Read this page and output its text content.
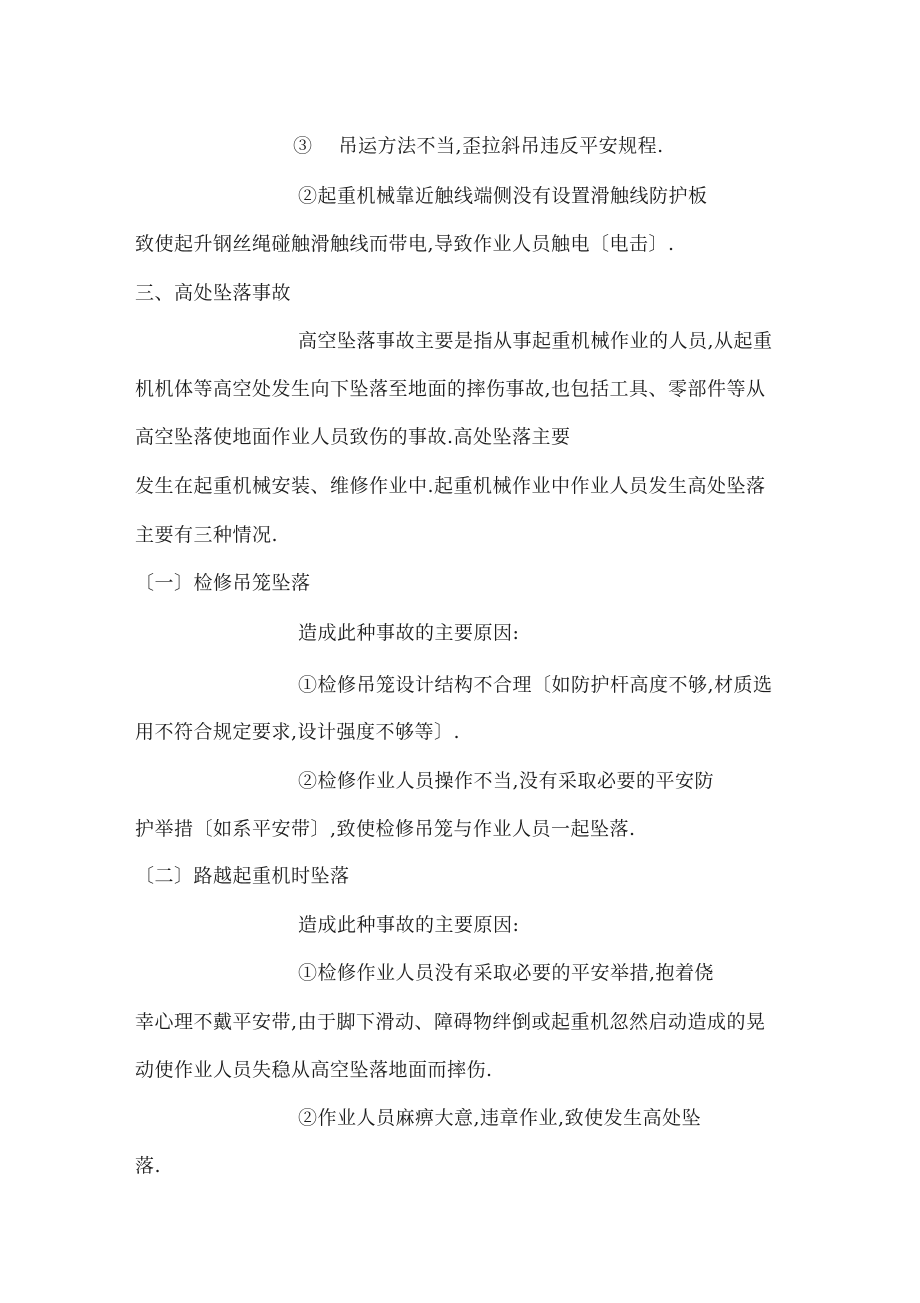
③　 吊运方法不当,歪拉斜吊违反平安规程.
②起重机械靠近触线端侧没有设置滑触线防护板
致使起升钢丝绳碰触滑触线而带电,导致作业人员触电〔电击〕.
三、高处坠落事故
高空坠落事故主要是指从事起重机械作业的人员,从起重
机机体等高空处发生向下坠落至地面的摔伤事故,也包括工具、零部件等从
高空坠落使地面作业人员致伤的事故.高处坠落主要
发生在起重机械安装、维修作业中.起重机械作业中作业人员发生高处坠落
主要有三种情况.
〔一〕检修吊笼坠落
造成此种事故的主要原因:
①检修吊笼设计结构不合理〔如防护杆高度不够,材质选
用不符合规定要求,设计强度不够等〕.
②检修作业人员操作不当,没有采取必要的平安防
护举措〔如系平安带〕,致使检修吊笼与作业人员一起坠落.
〔二〕路越起重机时坠落
造成此种事故的主要原因:
①检修作业人员没有采取必要的平安举措,抱着侥
幸心理不戴平安带,由于脚下滑动、障碍物绊倒或起重机忽然启动造成的晃
动使作业人员失稳从高空坠落地面而摔伤.
②作业人员麻痹大意,违章作业,致使发生高处坠
落.
